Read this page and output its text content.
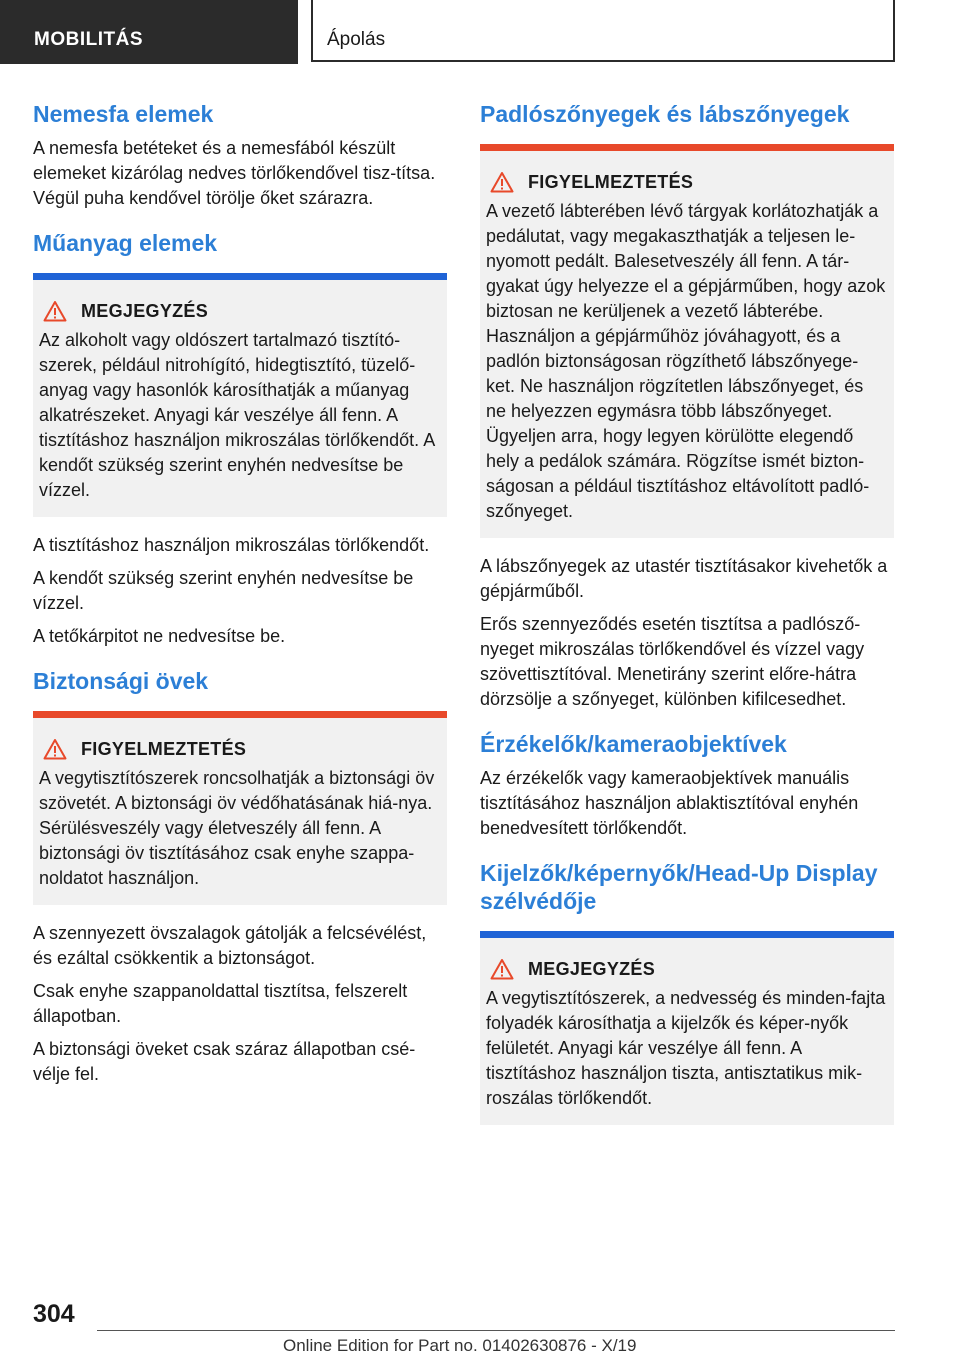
MOBILITÁS	Ápolás
Nemesfa elemek

A nemesfa betéteket és a nemesfából készült elemeket kizárólag nedves törlőkendővel tisz-títsa. Végül puha kendővel törölje őket szárazra.

Műanyag elemek
MEGJEGYZÉS
Az alkoholt vagy oldószert tartalmazó tisztító-szerek, például nitrohígító, hidegtisztító, tüzelő-anyag vagy hasonlók károsíthatják a műanyag alkatrészeket. Anyagi kár veszélye áll fenn. A tisztításhoz használjon mikroszálas törlőkendőt. A kendőt szükség szerint enyhén nedvesítse be vízzel.

A tisztításhoz használjon mikroszálas törlőkendőt.

A kendőt szükség szerint enyhén nedvesítse be vízzel.

A tetőkárpitot ne nedvesítse be.

Biztonsági övek
FIGYELMEZTETÉS
A vegytisztítószerek roncsolhatják a biztonsági öv szövetét. A biztonsági öv védőhatásának hiá-nya. Sérülésveszély vagy életveszély áll fenn. A biztonsági öv tisztításához csak enyhe szappa-noldatot használjon.

A szennyezett övszalagok gátolják a felcsévélést, és ezáltal csökkentik a biztonságot.

Csak enyhe szappanoldattal tisztítsa, felszerelt állapotban.

A biztonsági öveket csak száraz állapotban csé-vélje fel.

Padlószőnyegek és lábszőnyegek
FIGYELMEZTETÉS
A vezető lábterében lévő tárgyak korlátozhatják a pedálutat, vagy megakaszthatják a teljesen le-nyomott pedált. Balesetveszély áll fenn. A tár-gyakat úgy helyezze el a gépjárműben, hogy azok biztosan ne kerüljenek a vezető lábterébe. Használjon a gépjárműhöz jóváhagyott, és a padlón biztonságosan rögzíthető lábszőnyege-ket. Ne használjon rögzítetlen lábszőnyeget, és ne helyezzen egymásra több lábszőnyeget. Ügyeljen arra, hogy legyen körülötte elegendő hely a pedálok számára. Rögzítse ismét bizton-ságosan a például tisztításhoz eltávolított padló-szőnyeget.

A lábszőnyegek az utastér tisztításakor kivehetők a gépjárműből.

Erős szennyeződés esetén tisztítsa a padlósző-nyeget mikroszálas törlőkendővel és vízzel vagy szövettisztítóval. Menetirány szerint előre-hátra dörzsölje a szőnyeget, különben kifilcesedhet.

Érzékelők/kameraobjektívek

Az érzékelők vagy kameraobjektívek manuális tisztításához használjon ablaktisztítóval enyhén benedvesített törlőkendőt.

Kijelzők/képernyők/Head-Up Display szélvédője
MEGJEGYZÉS
A vegytisztítószerek, a nedvesség és minden-fajta folyadék károsíthatja a kijelzők és képer-nyők felületét. Anyagi kár veszélye áll fenn. A tisztításhoz használjon tiszta, antisztatikus mik-roszálas törlőkendőt.
304
Online Edition for Part no. 01402630876 - X/19
